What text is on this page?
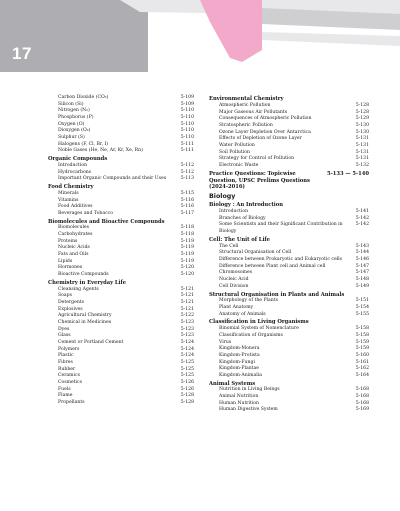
17
Carbon Dioxide (CO₂)	5-109
Silicon (Si)	5-109
Nitrogen (N₂)	5-110
Phosphorus (P)	5-110
Oxygen (O)	5-110
Dioxygen (O₂)	5-110
Sulphur (S)	5-110
Halogens (F, Cl, Br, I)	5-111
Noble Gases (He, Ne, Ar, Kr, Xe, Rn)	5-111
Organic Compounds
Introduction	5-112
Hydrocarbons	5-112
Important Organic Compounds and their Uses	5-113
Food Chemistry
Minerals	5-115
Vitamins	5-116
Food Additives	5-116
Beverages and Tobacco	5-117
Biomolecules and Bioactive Compounds
Biomolecules	5-118
Carbohydrates	5-118
Proteins	5-119
Nucleic Acids	5-119
Fats and Oils	5-119
Lipids	5-119
Hormones	5-120
Bioactive Compounds	5-120
Chemistry in Everyday Life
Cleansing Agents	5-121
Soaps	5-121
Detergents	5-121
Explosives	5-121
Agricultural Chemistry	5-122
Chemical in Medicines	5-123
Dyes	5-123
Glass	5-123
Cement or Portland Cement	5-124
Polymers	5-124
Plastic	5-124
Fibres	5-125
Rubber	5-125
Ceramics	5-125
Cosmetics	5-126
Fuels	5-126
Flame	5-128
Propellants	5-128
Environmental Chemistry
Atmospheric Pollution	5-128
Major Gaseous Air Pollutants	5-128
Consequences of Atmospheric Pollution	5-129
Stratospheric Pollution	5-130
Ozone Layer Depletion Over Antarctica	5-130
Effects of Depletion of Ozone Layer	5-131
Water Pollution	5-131
Soil Pollution	5-131
Strategy for Control of Pollution	5-131
Electronic Waste	5-132
Practice Questions: Topicwise Question, UPSC Prelims Questions (2024-2016)
5-133 — 5-140
Biology
Biology : An Introduction
Introduction	5-141
Branches of Biology	5-142
Some Scientists and their Significant Contribution in Biology
5-142
Cell: The Unit of Life
The Cell	5-143
Structural Organisation of Cell	5-144
Difference between Prokaryotic and Eukaryotic cells	5-146
Difference between Plant cell and Animal cell	5-147
Chromosomes	5-147
Nucleic Acid	5-148
Cell Division	5-149
Structural Organisation in Plants and Animals
Morphology of the Plants	5-151
Plant Anatomy	5-154
Anatomy of Animals	5-155
Classification in Living Organisms
Binomial System of Nomenclature	5-158
Classification of Organisms	5-158
Virus	5-159
Kingdom-Monera	5-159
Kingdom-Protista	5-160
Kingdom-Fungi	5-161
Kingdom-Plantae	5-162
Kingdom-Animalia	5-164
Animal Systems
Nutrition in Living Beings	5-168
Animal Nutrition	5-168
Human Nutrition	5-168
Human Digestive System	5-169
